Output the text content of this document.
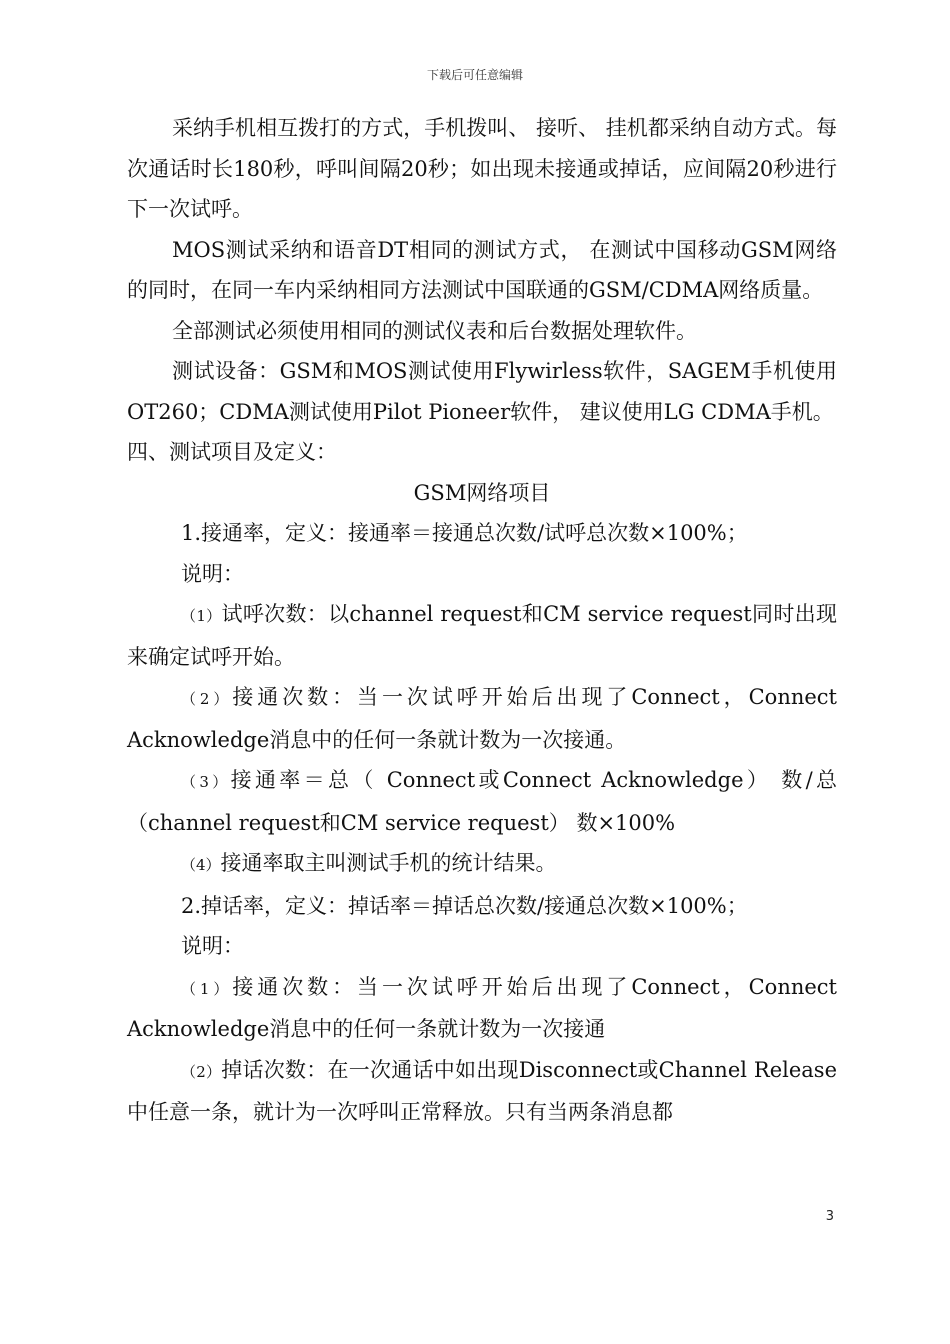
下载后可任意编辑

采纳手机相互拨打的方式，手机拨叫、 接听、 挂机都采纳自动方式。每次通话时长180秒，呼叫间隔20秒；如出现未接通或掉话，应间隔20秒进行下一次试呼。

MOS测试采纳和语音DT相同的测试方式， 在测试中国移动GSM网络的同时，在同一车内采纳相同方法测试中国联通的GSM/CDMA网络质量。

全部测试必须使用相同的测试仪表和后台数据处理软件。

测试设备：GSM和MOS测试使用Flywirless软件，SAGEM手机使用OT260；CDMA测试使用Pilot Pioneer软件， 建议使用LG CDMA手机。

四、测试项目及定义：

GSM网络项目

1.接通率，定义：接通率＝接通总次数/试呼总次数×100%；

说明：

（1）试呼次数：以channel request和CM service request同时出现来确定试呼开始。

（2）接通次数：当一次试呼开始后出现了Connect，Connect Acknowledge消息中的任何一条就计数为一次接通。

（3）接通率＝总（ Connect或Connect Acknowledge） 数/总（channel request和CM service request） 数×100%

（4）接通率取主叫测试手机的统计结果。

2.掉话率，定义：掉话率＝掉话总次数/接通总次数×100%；

说明：

（1）接通次数：当一次试呼开始后出现了Connect，Connect Acknowledge消息中的任何一条就计数为一次接通

（2）掉话次数：在一次通话中如出现Disconnect或Channel Release中任意一条，就计为一次呼叫正常释放。只有当两条消息都

3
